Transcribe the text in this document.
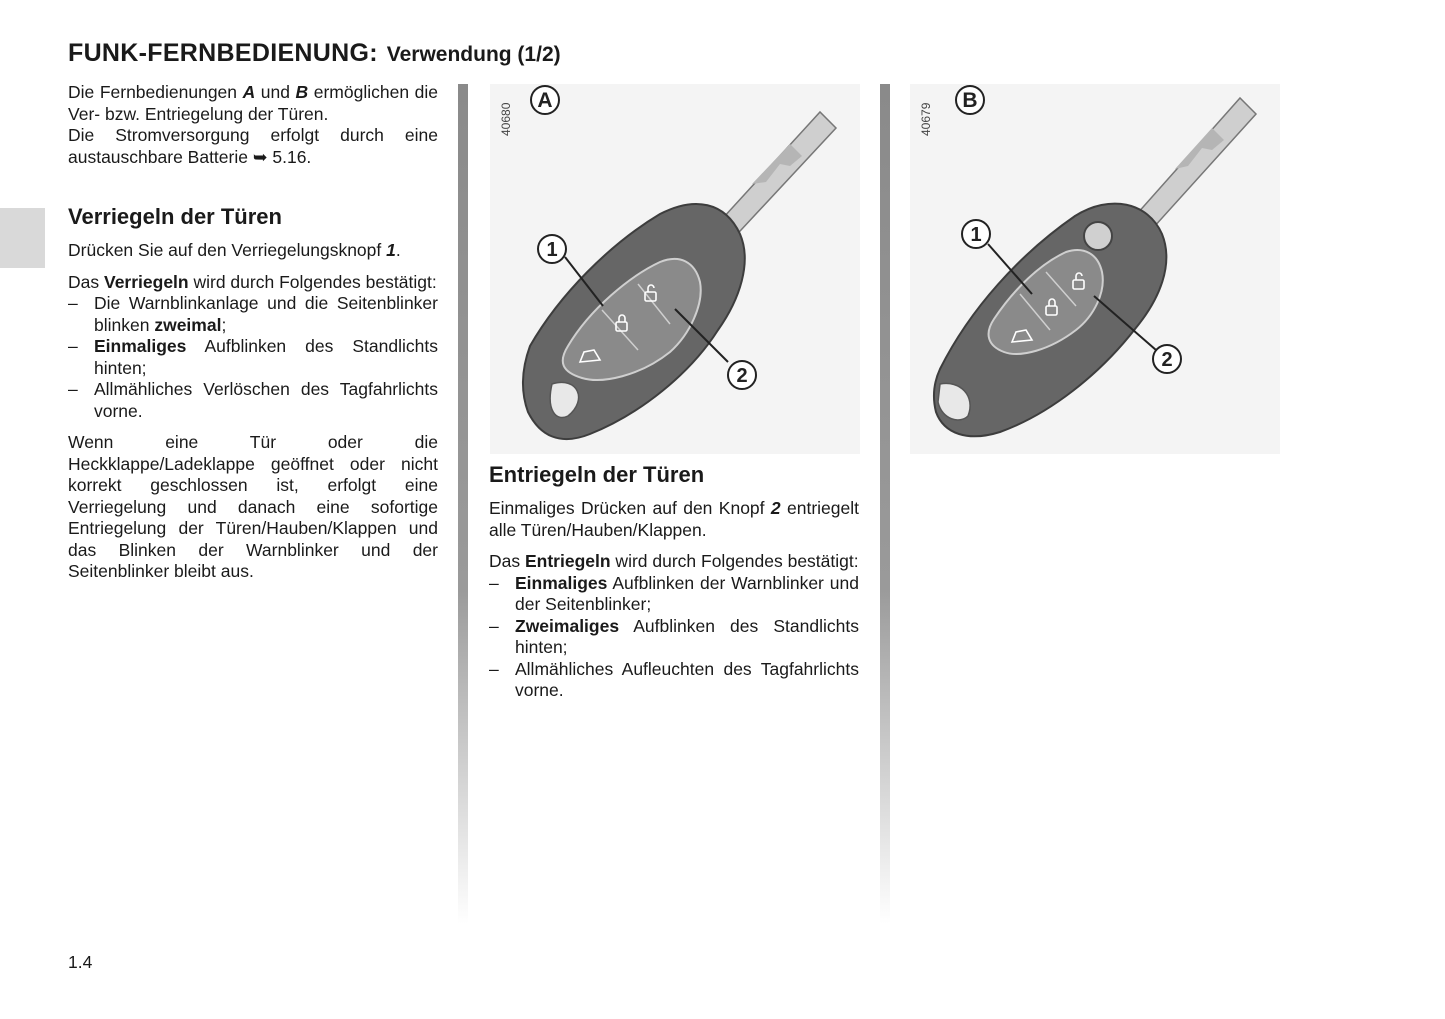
FUNK-FERNBEDIENUNG: Verwendung (1/2)

Die Fernbedienungen A und B ermöglichen die Ver- bzw. Entriegelung der Türen.

Die Stromversorgung erfolgt durch eine austauschbare Batterie ➥ 5.16.

Verriegeln der Türen

Drücken Sie auf den Verriegelungsknopf 1.

Das Verriegeln wird durch Folgendes bestätigt:

– Die Warnblinkanlage und die Seitenblinker blinken zweimal;
– Einmaliges Aufblinken des Standlichts hinten;
– Allmähliches Verlöschen des Tagfahrlichts vorne.

Wenn eine Tür oder die Heckklappe/Ladeklappe geöffnet oder nicht korrekt geschlossen ist, erfolgt eine Verriegelung und danach eine sofortige Entriegelung der Türen/Hauben/Klappen und das Blinken der Warnblinker und der Seitenblinker bleibt aus.

40680
A
1
2
Entriegeln der Türen

Einmaliges Drücken auf den Knopf 2 entriegelt alle Türen/Hauben/Klappen.

Das Entriegeln wird durch Folgendes bestätigt:

– Einmaliges Aufblinken der Warnblinker und der Seitenblinker;
– Zweimaliges Aufblinken des Standlichts hinten;
– Allmähliches Aufleuchten des Tagfahrlichts vorne.
40679
B
1
2
1.4
